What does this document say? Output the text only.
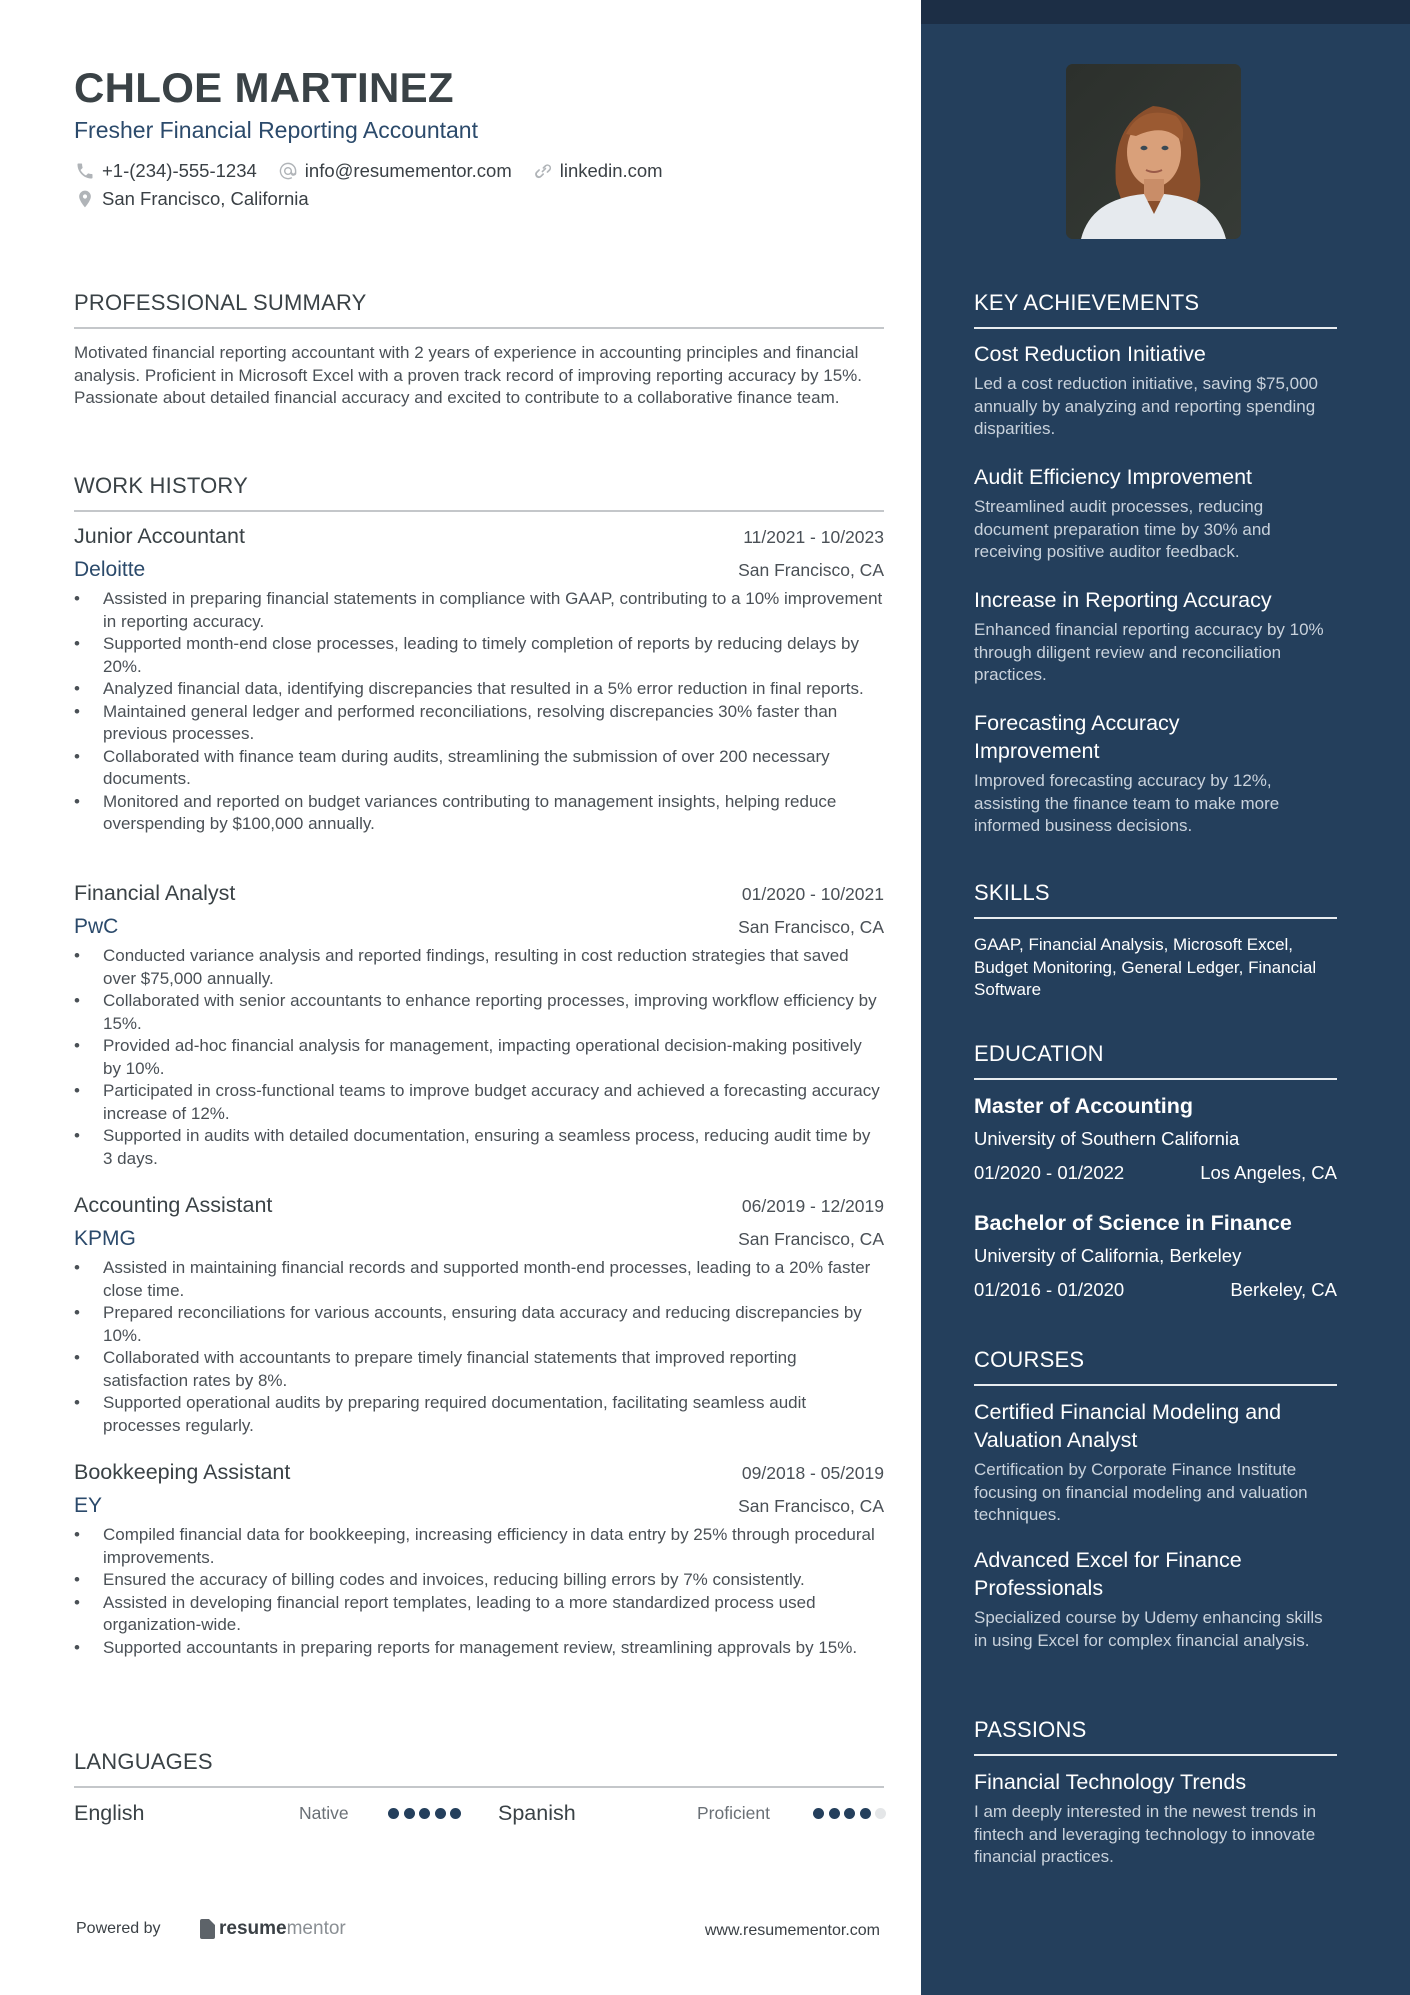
CHLOE MARTINEZ
Fresher Financial Reporting Accountant
+1-(234)-555-1234	info@resumementor.com	linkedin.com
San Francisco, California
PROFESSIONAL SUMMARY
Motivated financial reporting accountant with 2 years of experience in accounting principles and financial analysis. Proficient in Microsoft Excel with a proven track record of improving reporting accuracy by 15%. Passionate about detailed financial accuracy and excited to contribute to a collaborative finance team.
WORK HISTORY
Junior Accountant	11/2021 - 10/2023
Deloitte	San Francisco, CA
• Assisted in preparing financial statements in compliance with GAAP, contributing to a 10% improvement in reporting accuracy.
• Supported month-end close processes, leading to timely completion of reports by reducing delays by 20%.
• Analyzed financial data, identifying discrepancies that resulted in a 5% error reduction in final reports.
• Maintained general ledger and performed reconciliations, resolving discrepancies 30% faster than previous processes.
• Collaborated with finance team during audits, streamlining the submission of over 200 necessary documents.
• Monitored and reported on budget variances contributing to management insights, helping reduce overspending by $100,000 annually.
Financial Analyst	01/2020 - 10/2021
PwC	San Francisco, CA
• Conducted variance analysis and reported findings, resulting in cost reduction strategies that saved over $75,000 annually.
• Collaborated with senior accountants to enhance reporting processes, improving workflow efficiency by 15%.
• Provided ad-hoc financial analysis for management, impacting operational decision-making positively by 10%.
• Participated in cross-functional teams to improve budget accuracy and achieved a forecasting accuracy increase of 12%.
• Supported in audits with detailed documentation, ensuring a seamless process, reducing audit time by 3 days.
Accounting Assistant	06/2019 - 12/2019
KPMG	San Francisco, CA
• Assisted in maintaining financial records and supported month-end processes, leading to a 20% faster close time.
• Prepared reconciliations for various accounts, ensuring data accuracy and reducing discrepancies by 10%.
• Collaborated with accountants to prepare timely financial statements that improved reporting satisfaction rates by 8%.
• Supported operational audits by preparing required documentation, facilitating seamless audit processes regularly.
Bookkeeping Assistant	09/2018 - 05/2019
EY	San Francisco, CA
• Compiled financial data for bookkeeping, increasing efficiency in data entry by 25% through procedural improvements.
• Ensured the accuracy of billing codes and invoices, reducing billing errors by 7% consistently.
• Assisted in developing financial report templates, leading to a more standardized process used organization-wide.
• Supported accountants in preparing reports for management review, streamlining approvals by 15%.
LANGUAGES
English	Native	Spanish	Proficient
Powered by	resume mentor	www.resumementor.com
KEY ACHIEVEMENTS
Cost Reduction Initiative
Led a cost reduction initiative, saving $75,000 annually by analyzing and reporting spending disparities.
Audit Efficiency Improvement
Streamlined audit processes, reducing document preparation time by 30% and receiving positive auditor feedback.
Increase in Reporting Accuracy
Enhanced financial reporting accuracy by 10% through diligent review and reconciliation practices.
Forecasting Accuracy Improvement
Improved forecasting accuracy by 12%, assisting the finance team to make more informed business decisions.
SKILLS
GAAP, Financial Analysis, Microsoft Excel, Budget Monitoring, General Ledger, Financial Software
EDUCATION
Master of Accounting
University of Southern California
01/2020 - 01/2022	Los Angeles, CA
Bachelor of Science in Finance
University of California, Berkeley
01/2016 - 01/2020	Berkeley, CA
COURSES
Certified Financial Modeling and Valuation Analyst
Certification by Corporate Finance Institute focusing on financial modeling and valuation techniques.
Advanced Excel for Finance Professionals
Specialized course by Udemy enhancing skills in using Excel for complex financial analysis.
PASSIONS
Financial Technology Trends
I am deeply interested in the newest trends in fintech and leveraging technology to innovate financial practices.
